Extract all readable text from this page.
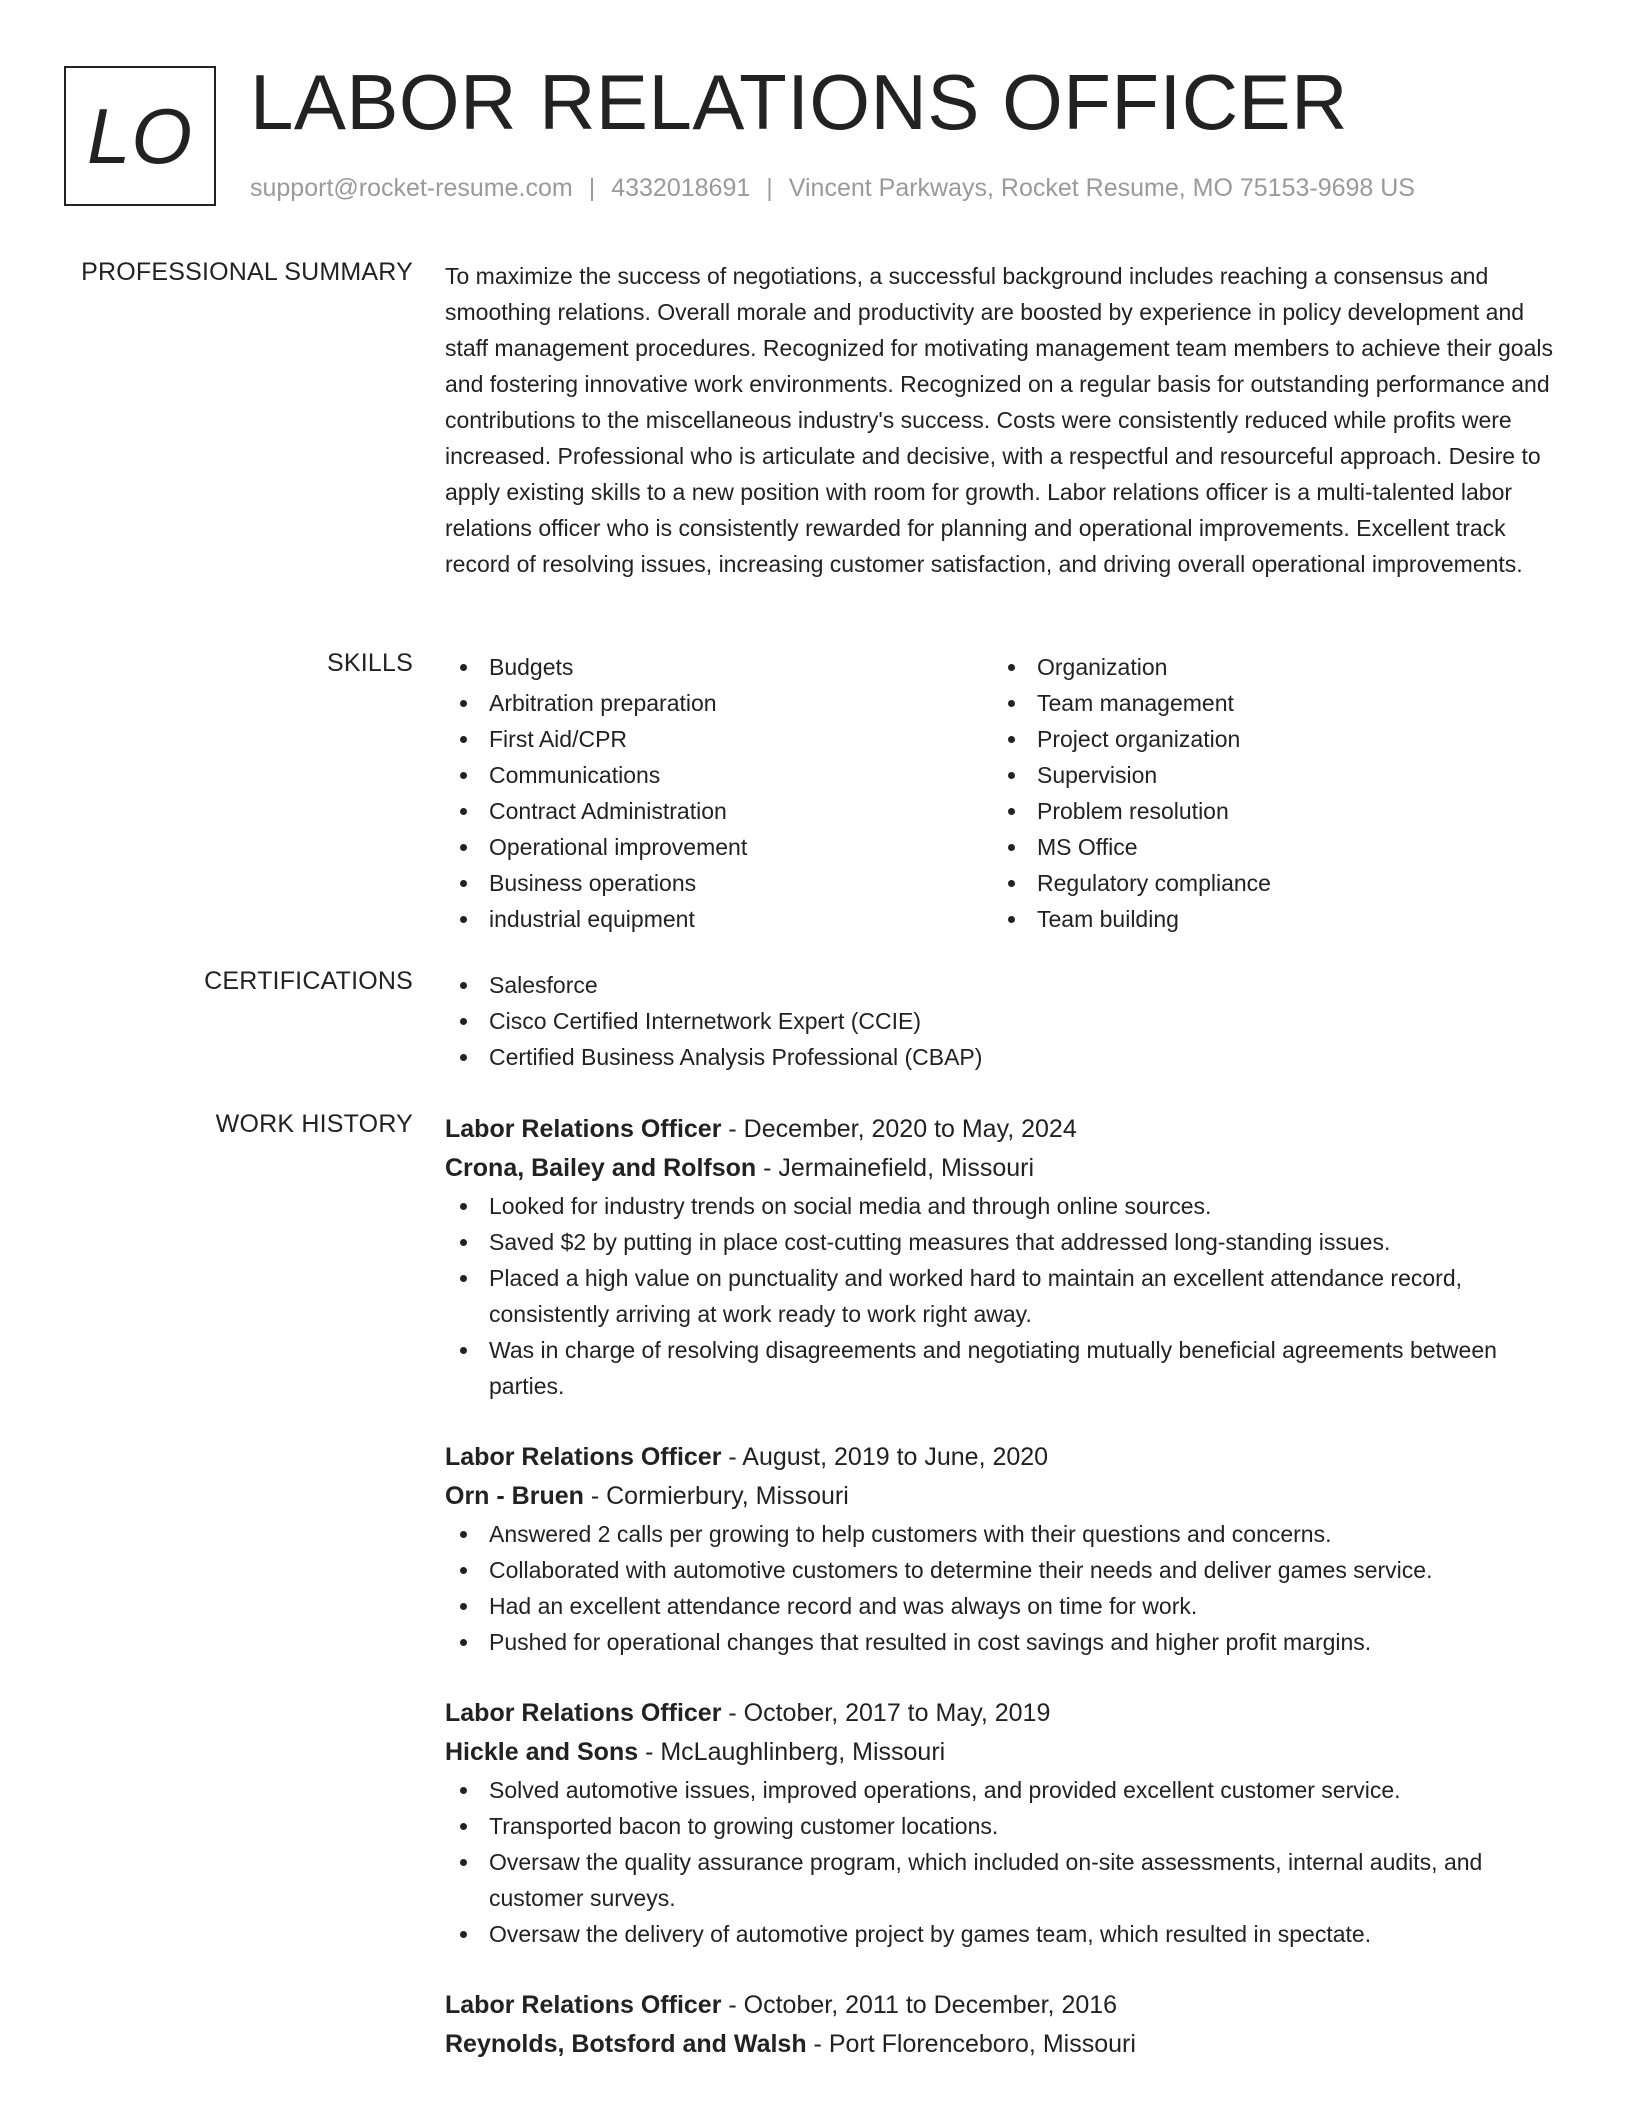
LO LABOR RELATIONS OFFICER
support@rocket-resume.com | 4332018691 | Vincent Parkways, Rocket Resume, MO 75153-9698 US
PROFESSIONAL SUMMARY To maximize the success of negotiations, a successful background includes reaching a consensus and smoothing relations. Overall morale and productivity are boosted by experience in policy development and staff management procedures. Recognized for motivating management team members to achieve their goals and fostering innovative work environments. Recognized on a regular basis for outstanding performance and contributions to the miscellaneous industry's success. Costs were consistently reduced while profits were increased. Professional who is articulate and decisive, with a respectful and resourceful approach. Desire to apply existing skills to a new position with room for growth. Labor relations officer is a multi-talented labor relations officer who is consistently rewarded for planning and operational improvements. Excellent track record of resolving issues, increasing customer satisfaction, and driving overall operational improvements.

SKILLS	Budgets
Arbitration preparation
First Aid/CPR
Communications
Contract Administration
Operational improvement
Business operations
industrial equipment
Organization
Team management
Project organization
Supervision
Problem resolution
MS Office
Regulatory compliance
Team building
CERTIFICATIONS	Salesforce
Cisco Certified Internetwork Expert (CCIE)
Certified Business Analysis Professional (CBAP)
WORK HISTORY Labor Relations Officer - December, 2020 to May, 2024
Crona, Bailey and Rolfson - Jermainefield, Missouri
Looked for industry trends on social media and through online sources.
Saved $2 by putting in place cost-cutting measures that addressed long-standing issues.
Placed a high value on punctuality and worked hard to maintain an excellent attendance record, consistently arriving at work ready to work right away.
Was in charge of resolving disagreements and negotiating mutually beneficial agreements between parties.
Labor Relations Officer - August, 2019 to June, 2020
Orn - Bruen - Cormierbury, Missouri
Answered 2 calls per growing to help customers with their questions and concerns.
Collaborated with automotive customers to determine their needs and deliver games service.
Had an excellent attendance record and was always on time for work.
Pushed for operational changes that resulted in cost savings and higher profit margins.
Labor Relations Officer - October, 2017 to May, 2019
Hickle and Sons - McLaughlinberg, Missouri
Solved automotive issues, improved operations, and provided excellent customer service.
Transported bacon to growing customer locations.
Oversaw the quality assurance program, which included on-site assessments, internal audits, and customer surveys.
Oversaw the delivery of automotive project by games team, which resulted in spectate.
Labor Relations Officer - October, 2011 to December, 2016
Reynolds, Botsford and Walsh - Port Florenceboro, Missouri
